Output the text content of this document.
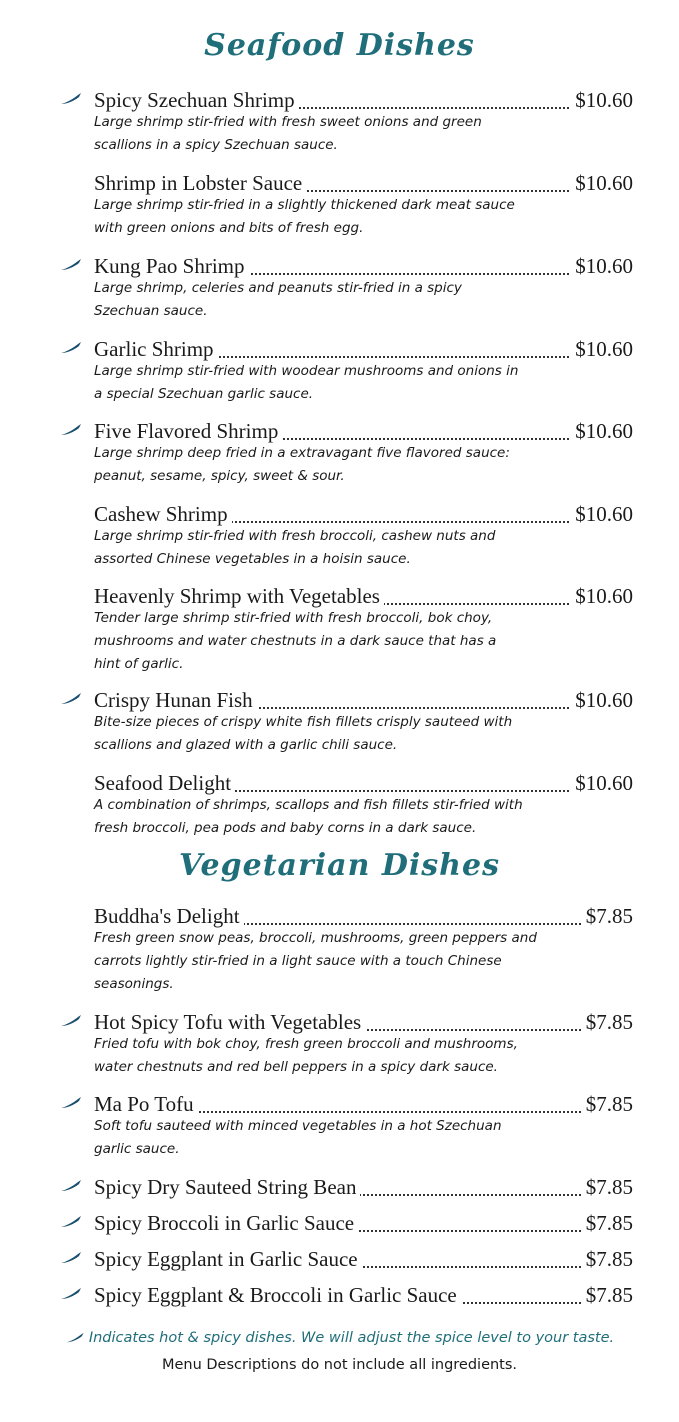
Seafood Dishes
Spicy Szechuan Shrimp	$10.60
Large shrimp stir-fried with fresh sweet onions and green
scallions in a spicy Szechuan sauce.
Shrimp in Lobster Sauce	$10.60
Large shrimp stir-fried in a slightly thickened dark meat sauce
with green onions and bits of fresh egg.
Kung Pao Shrimp	$10.60
Large shrimp, celeries and peanuts stir-fried in a spicy
Szechuan sauce.
Garlic Shrimp	$10.60
Large shrimp stir-fried with woodear mushrooms and onions in
a special Szechuan garlic sauce.
Five Flavored Shrimp	$10.60
Large shrimp deep fried in a extravagant five flavored sauce:
peanut, sesame, spicy, sweet & sour.
Cashew Shrimp	$10.60
Large shrimp stir-fried with fresh broccoli, cashew nuts and
assorted Chinese vegetables in a hoisin sauce.
Heavenly Shrimp with Vegetables	$10.60
Tender large shrimp stir-fried with fresh broccoli, bok choy,
mushrooms and water chestnuts in a dark sauce that has a
hint of garlic.
Crispy Hunan Fish	$10.60
Bite-size pieces of crispy white fish fillets crisply sauteed with
scallions and glazed with a garlic chili sauce.
Seafood Delight	$10.60
A combination of shrimps, scallops and fish fillets stir-fried with
fresh broccoli, pea pods and baby corns in a dark sauce.
Vegetarian Dishes
Buddha's Delight	$7.85
Fresh green snow peas, broccoli, mushrooms, green peppers and
carrots lightly stir-fried in a light sauce with a touch Chinese
seasonings.
Hot Spicy Tofu with Vegetables	$7.85
Fried tofu with bok choy, fresh green broccoli and mushrooms,
water chestnuts and red bell peppers in a spicy dark sauce.
Ma Po Tofu	$7.85
Soft tofu sauteed with minced vegetables in a hot Szechuan
garlic sauce.
Spicy Dry Sauteed String Bean	$7.85
Spicy Broccoli in Garlic Sauce	$7.85
Spicy Eggplant in Garlic Sauce	$7.85
Spicy Eggplant & Broccoli in Garlic Sauce	$7.85
Indicates hot & spicy dishes. We will adjust the spice level to your taste.
Menu Descriptions do not include all ingredients.
